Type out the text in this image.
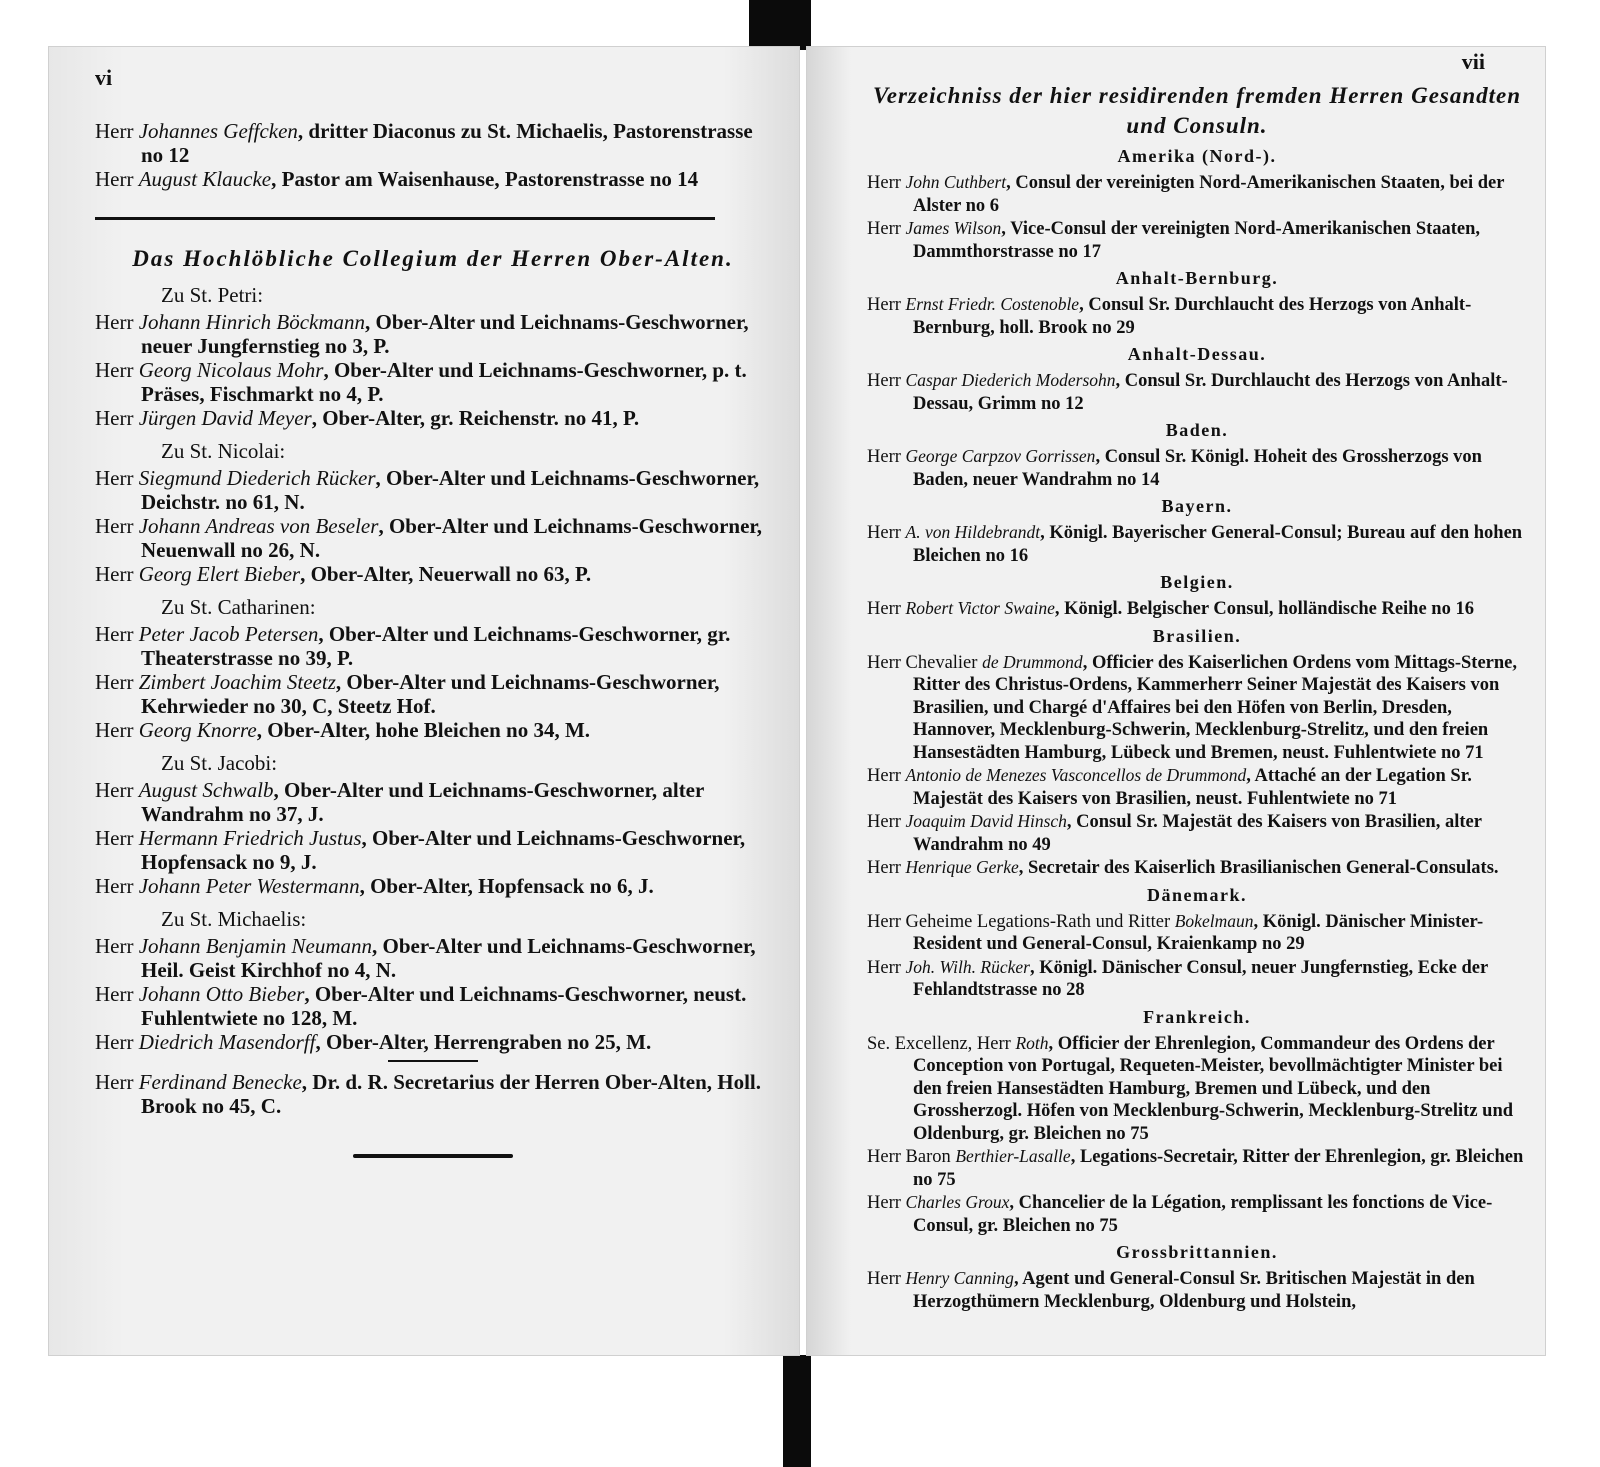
vi
Herr Johannes Geffcken, dritter Diaconus zu St. Michaelis, Pastorenstrasse no 12
Herr August Klaucke, Pastor am Waisenhause, Pastorenstrasse no 14
Das Hochlöbliche Collegium der Herren Ober-Alten.
Zu St. Petri:
Herr Johann Hinrich Böckmann, Ober-Alter und Leichnams-Geschworner, neuer Jungfernstieg no 3, P.
Herr Georg Nicolaus Mohr, Ober-Alter und Leichnams-Geschworner, p. t. Präses, Fischmarkt no 4, P.
Herr Jürgen David Meyer, Ober-Alter, gr. Reichenstr. no 41, P.
Zu St. Nicolai:
Herr Siegmund Diederich Rücker, Ober-Alter und Leichnams-Geschworner, Deichstr. no 61, N.
Herr Johann Andreas von Beseler, Ober-Alter und Leichnams-Geschworner, Neuenwall no 26, N.
Herr Georg Elert Bieber, Ober-Alter, Neuerwall no 63, P.
Zu St. Catharinen:
Herr Peter Jacob Petersen, Ober-Alter und Leichnams-Geschworner, gr. Theaterstrasse no 39, P.
Herr Zimbert Joachim Steetz, Ober-Alter und Leichnams-Geschworner, Kehrwieder no 30, C, Steetz Hof.
Herr Georg Knorre, Ober-Alter, hohe Bleichen no 34, M.
Zu St. Jacobi:
Herr August Schwalb, Ober-Alter und Leichnams-Geschworner, alter Wandrahm no 37, J.
Herr Hermann Friedrich Justus, Ober-Alter und Leichnams-Geschworner, Hopfensack no 9, J.
Herr Johann Peter Westermann, Ober-Alter, Hopfensack no 6, J.
Zu St. Michaelis:
Herr Johann Benjamin Neumann, Ober-Alter und Leichnams-Geschworner, Heil. Geist Kirchhof no 4, N.
Herr Johann Otto Bieber, Ober-Alter und Leichnams-Geschworner, neust. Fuhlentwiete no 128, M.
Herr Diedrich Masendorff, Ober-Alter, Herrengraben no 25, M.
Herr Ferdinand Benecke, Dr. d. R. Secretarius der Herren Ober-Alten, Holl. Brook no 45, C.
vii
Verzeichniss der hier residirenden fremden Herren Gesandten und Consuln.
Amerika (Nord-).
Herr John Cuthbert, Consul der vereinigten Nord-Amerikanischen Staaten, bei der Alster no 6
Herr James Wilson, Vice-Consul der vereinigten Nord-Amerikanischen Staaten, Dammthorstrasse no 17
Anhalt-Bernburg.
Herr Ernst Friedr. Costenoble, Consul Sr. Durchlaucht des Herzogs von Anhalt-Bernburg, holl. Brook no 29
Anhalt-Dessau.
Herr Caspar Diederich Modersohn, Consul Sr. Durchlaucht des Herzogs von Anhalt-Dessau, Grimm no 12
Baden.
Herr George Carpzov Gorrissen, Consul Sr. Königl. Hoheit des Grossherzogs von Baden, neuer Wandrahm no 14
Bayern.
Herr A. von Hildebrandt, Königl. Bayerischer General-Consul; Bureau auf den hohen Bleichen no 16
Belgien.
Herr Robert Victor Swaine, Königl. Belgischer Consul, holländische Reihe no 16
Brasilien.
Herr Chevalier de Drummond, Officier des Kaiserlichen Ordens vom Mittags-Sterne, Ritter des Christus-Ordens, Kammerherr Seiner Majestät des Kaisers von Brasilien, und Chargé d'Affaires bei den Höfen von Berlin, Dresden, Hannover, Mecklenburg-Schwerin, Mecklenburg-Strelitz, und den freien Hansestädten Hamburg, Lübeck und Bremen, neust. Fuhlentwiete no 71
Herr Antonio de Menezes Vasconcellos de Drummond, Attaché an der Legation Sr. Majestät des Kaisers von Brasilien, neust. Fuhlentwiete no 71
Herr Joaquim David Hinsch, Consul Sr. Majestät des Kaisers von Brasilien, alter Wandrahm no 49
Herr Henrique Gerke, Secretair des Kaiserlich Brasilianischen General-Consulats.
Dänemark.
Herr Geheime Legations-Rath und Ritter Bokelmaun, Königl. Dänischer Minister-Resident und General-Consul, Kraienkamp no 29
Herr Joh. Wilh. Rücker, Königl. Dänischer Consul, neuer Jungfernstieg, Ecke der Fehlandtstrasse no 28
Frankreich.
Se. Excellenz, Herr Roth, Officier der Ehrenlegion, Commandeur des Ordens der Conception von Portugal, Requeten-Meister, bevollmächtigter Minister bei den freien Hansestädten Hamburg, Bremen und Lübeck, und den Grossherzogl. Höfen von Mecklenburg-Schwerin, Mecklenburg-Strelitz und Oldenburg, gr. Bleichen no 75
Herr Baron Berthier-Lasalle, Legations-Secretair, Ritter der Ehrenlegion, gr. Bleichen no 75
Herr Charles Groux, Chancelier de la Légation, remplissant les fonctions de Vice-Consul, gr. Bleichen no 75
Grossbrittannien.
Herr Henry Canning, Agent und General-Consul Sr. Britischen Majestät in den Herzogthümern Mecklenburg, Oldenburg und Holstein,
